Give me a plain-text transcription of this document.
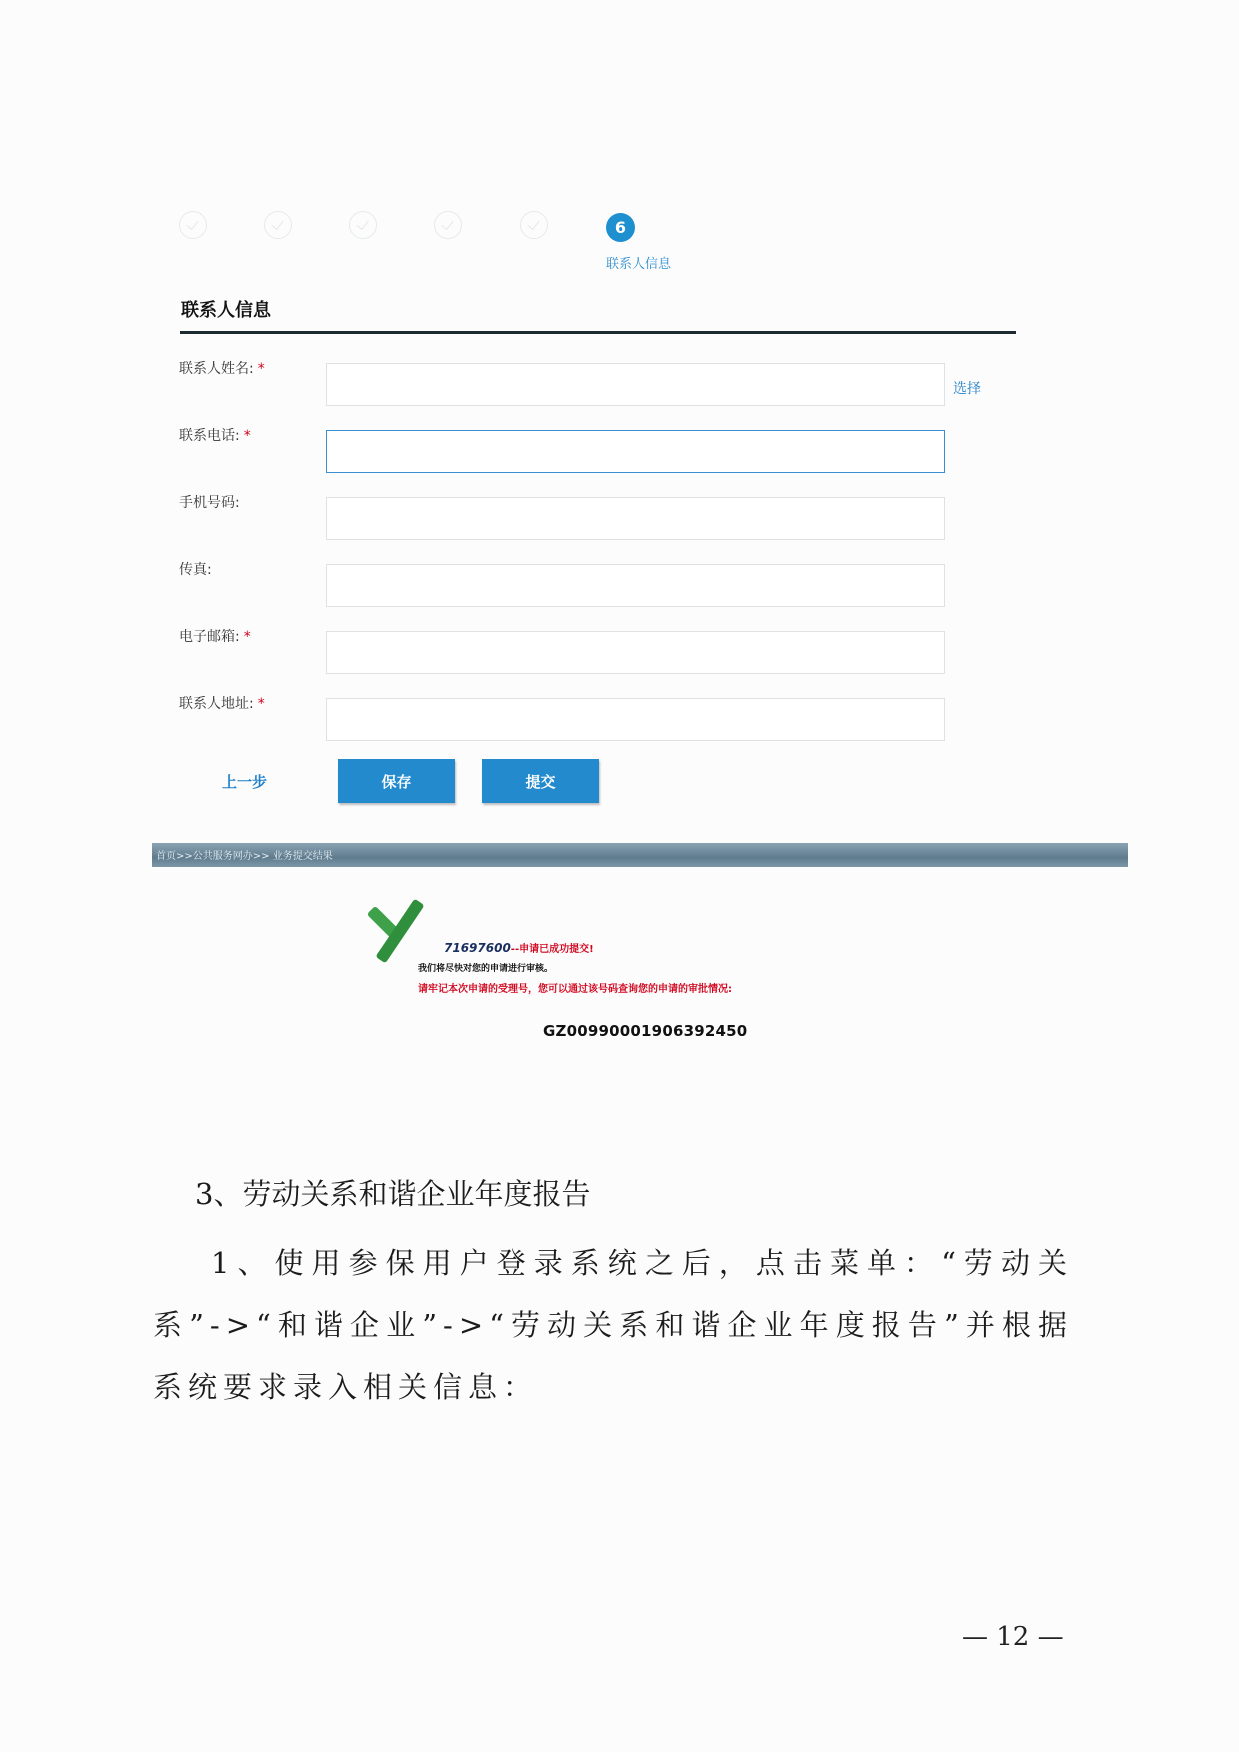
6
联系人信息
联系人信息
联系人姓名: *
选择
联系电话: *
手机号码:
传真:
电子邮箱: *
联系人地址: *
上一步	保存	提交
首页>>公共服务网办>> 业务提交结果
71697600--申请已成功提交!
我们将尽快对您的申请进行审核。
请牢记本次申请的受理号，您可以通过该号码查询您的申请的审批情况:
GZ00990001906392450
3、劳动关系和谐企业年度报告
1、使用参保用户登录系统之后，点击菜单：“劳动关系”->“和谐企业”->“劳动关系和谐企业年度报告”并根据系统要求录入相关信息：
— 12 —
